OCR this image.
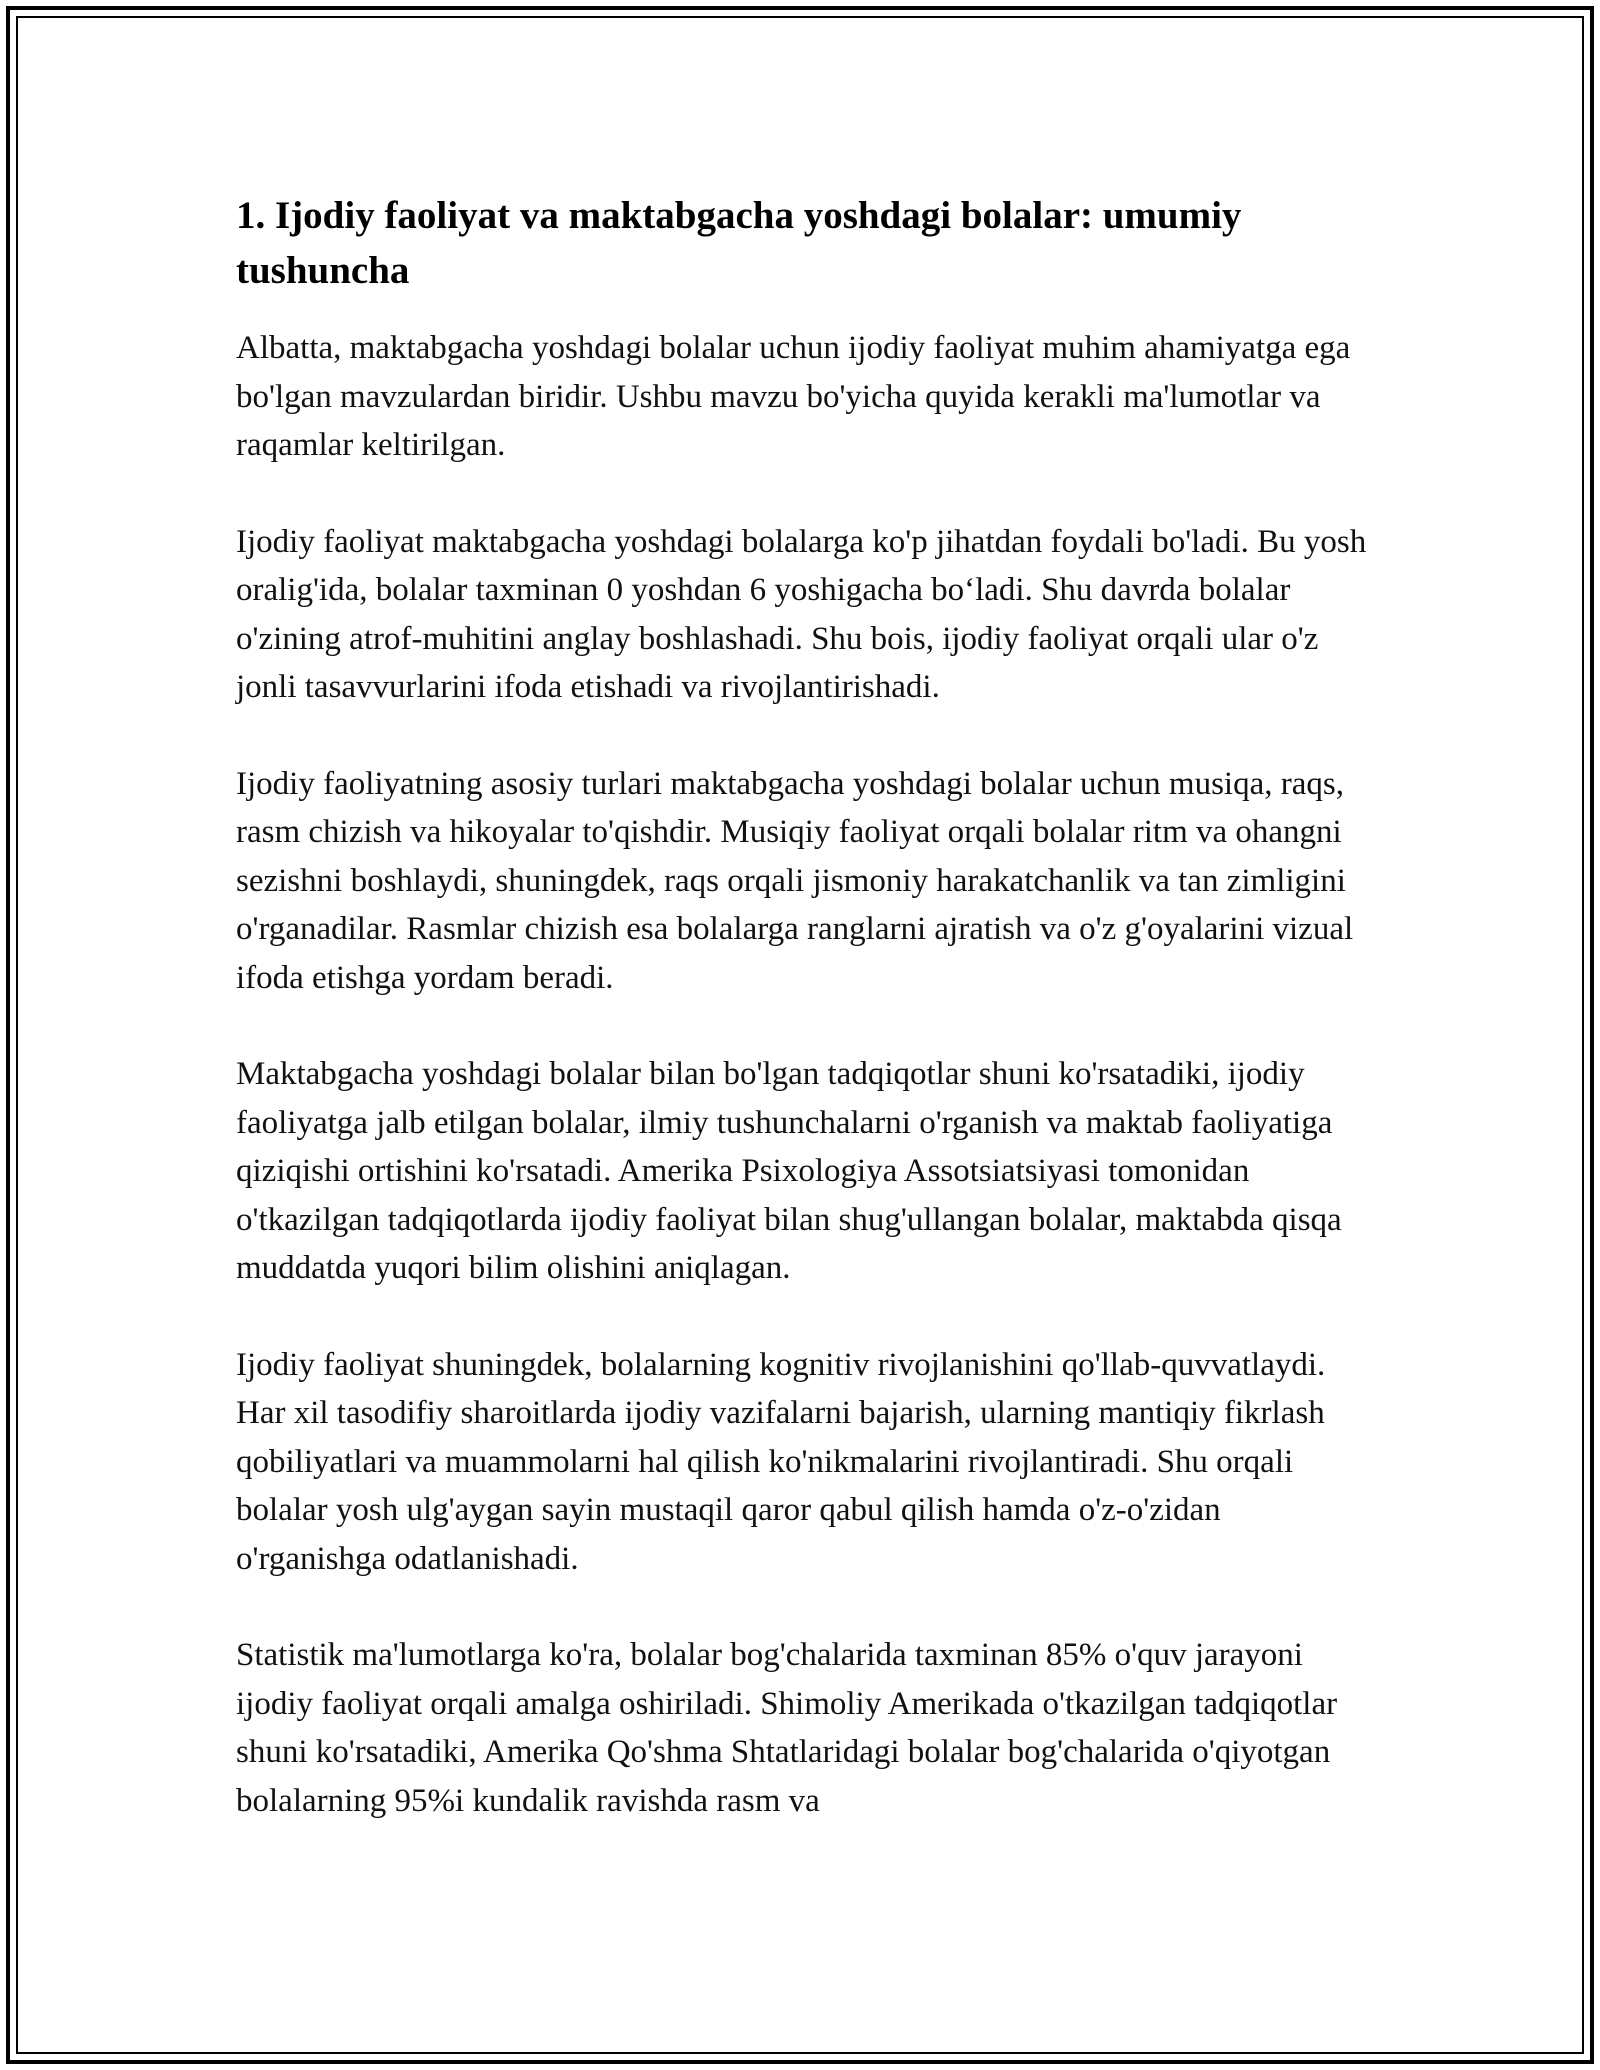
1. Ijodiy faoliyat va maktabgacha yoshdagi bolalar: umumiy tushuncha

Albatta, maktabgacha yoshdagi bolalar uchun ijodiy faoliyat muhim ahamiyatga ega bo'lgan mavzulardan biridir. Ushbu mavzu bo'yicha quyida kerakli ma'lumotlar va raqamlar keltirilgan.

Ijodiy faoliyat maktabgacha yoshdagi bolalarga ko'p jihatdan foydali bo'ladi. Bu yosh oralig'ida, bolalar taxminan 0 yoshdan 6 yoshigacha bo‘ladi. Shu davrda bolalar o'zining atrof-muhitini anglay boshlashadi. Shu bois, ijodiy faoliyat orqali ular o'z jonli tasavvurlarini ifoda etishadi va rivojlantirishadi.

Ijodiy faoliyatning asosiy turlari maktabgacha yoshdagi bolalar uchun musiqa, raqs, rasm chizish va hikoyalar to'qishdir. Musiqiy faoliyat orqali bolalar ritm va ohangni sezishni boshlaydi, shuningdek, raqs orqali jismoniy harakatchanlik va tan zimligini o'rganadilar. Rasmlar chizish esa bolalarga ranglarni ajratish va o'z g'oyalarini vizual ifoda etishga yordam beradi.

Maktabgacha yoshdagi bolalar bilan bo'lgan tadqiqotlar shuni ko'rsatadiki, ijodiy faoliyatga jalb etilgan bolalar, ilmiy tushunchalarni o'rganish va maktab faoliyatiga qiziqishi ortishini ko'rsatadi. Amerika Psixologiya Assotsiatsiyasi tomonidan o'tkazilgan tadqiqotlarda ijodiy faoliyat bilan shug'ullangan bolalar, maktabda qisqa muddatda yuqori bilim olishini aniqlagan.

Ijodiy faoliyat shuningdek, bolalarning kognitiv rivojlanishini qo'llab-quvvatlaydi. Har xil tasodifiy sharoitlarda ijodiy vazifalarni bajarish, ularning mantiqiy fikrlash qobiliyatlari va muammolarni hal qilish ko'nikmalarini rivojlantiradi. Shu orqali bolalar yosh ulg'aygan sayin mustaqil qaror qabul qilish hamda o'z-o'zidan o'rganishga odatlanishadi.

Statistik ma'lumotlarga ko'ra, bolalar bog'chalarida taxminan 85% o'quv jarayoni ijodiy faoliyat orqali amalga oshiriladi. Shimoliy Amerikada o'tkazilgan tadqiqotlar shuni ko'rsatadiki, Amerika Qo'shma Shtatlaridagi bolalar bog'chalarida o'qiyotgan bolalarning 95%i kundalik ravishda rasm va
